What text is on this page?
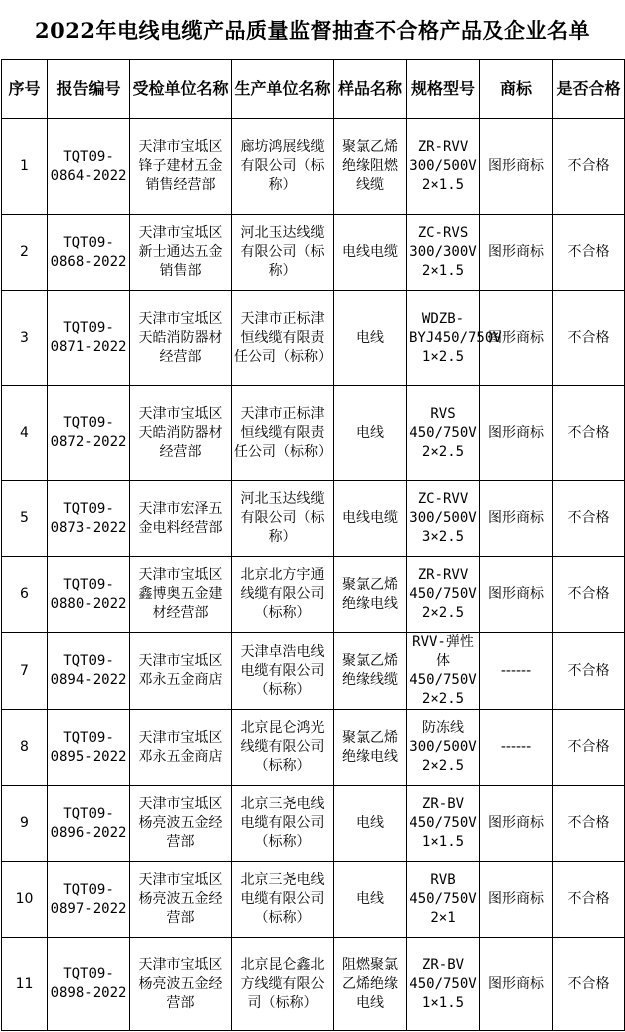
2022年电线电缆产品质量监督抽查不合格产品及企业名单
序号	报告编号	受检单位名称	生产单位名称	样品名称	规格型号	商标	是否合格
1	TQT09-0864-2022	天津市宝坻区锋子建材五金销售经营部	廊坊鸿展线缆有限公司（标称）	聚氯乙烯绝缘阻燃线缆	ZR-RVV 300/500V 2×1.5	图形商标	不合格
2	TQT09-0868-2022	天津市宝坻区新士通达五金销售部	河北玉达线缆有限公司（标称）	电线电缆	ZC-RVS 300/300V 2×1.5	图形商标	不合格
3	TQT09-0871-2022	天津市宝坻区天皓消防器材经营部	天津市正标津恒线缆有限责任公司（标称）	电线	WDZB-BYJ450/750V 1×2.5	图形商标	不合格
4	TQT09-0872-2022	天津市宝坻区天皓消防器材经营部	天津市正标津恒线缆有限责任公司（标称）	电线	RVS 450/750V 2×2.5	图形商标	不合格
5	TQT09-0873-2022	天津市宏泽五金电料经营部	河北玉达线缆有限公司（标称）	电线电缆	ZC-RVV 300/500V 3×2.5	图形商标	不合格
6	TQT09-0880-2022	天津市宝坻区鑫博奥五金建材经营部	北京北方宇通线缆有限公司（标称）	聚氯乙烯绝缘电线	ZR-RVV 450/750V 2×2.5	图形商标	不合格
7	TQT09-0894-2022	天津市宝坻区邓永五金商店	天津卓浩电线电缆有限公司（标称）	聚氯乙烯绝缘线缆	RVV-弹性体 450/750V 2×2.5	------	不合格
8	TQT09-0895-2022	天津市宝坻区邓永五金商店	北京昆仑鸿光线缆有限公司（标称）	聚氯乙烯绝缘电线	防冻线 300/500V 2×2.5	------	不合格
9	TQT09-0896-2022	天津市宝坻区杨亮波五金经营部	北京三尧电线电缆有限公司（标称）	电线	ZR-BV 450/750V 1×1.5	图形商标	不合格
10	TQT09-0897-2022	天津市宝坻区杨亮波五金经营部	北京三尧电线电缆有限公司（标称）	电线	RVB 450/750V 2×1	图形商标	不合格
11	TQT09-0898-2022	天津市宝坻区杨亮波五金经营部	北京昆仑鑫北方线缆有限公司（标称）	阻燃聚氯乙烯绝缘电线	ZR-BV 450/750V 1×1.5	图形商标	不合格
